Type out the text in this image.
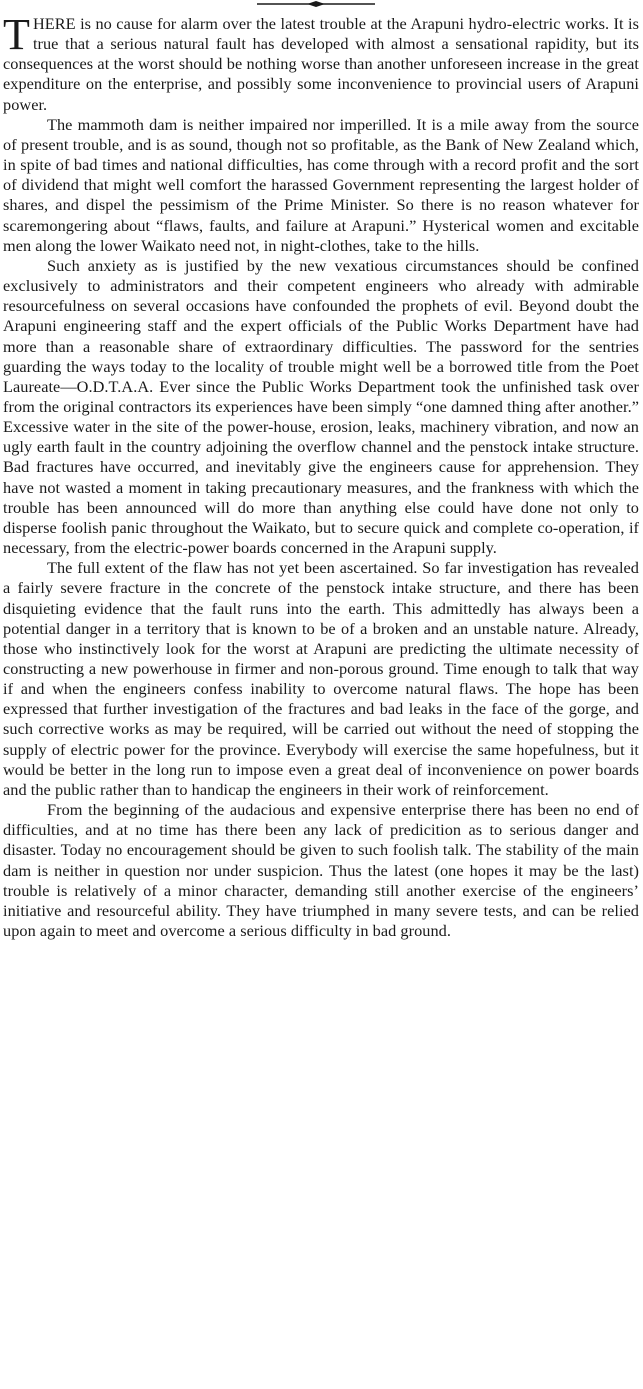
THERE is no cause for alarm over the latest trouble at the Arapuni hydro-electric works. It is true that a serious natural fault has developed with almost a sensational rapidity, but its consequences at the worst should be nothing worse than another unforeseen increase in the great expenditure on the enterprise, and possibly some inconvenience to provincial users of Arapuni power.

The mammoth dam is neither impaired nor imperilled. It is a mile away from the source of present trouble, and is as sound, though not so profitable, as the Bank of New Zealand which, in spite of bad times and national difficulties, has come through with a record profit and the sort of dividend that might well comfort the harassed Government representing the largest holder of shares, and dispel the pessimism of the Prime Minister. So there is no reason whatever for scaremongering about “flaws, faults, and failure at Arapuni.” Hysterical women and excitable men along the lower Waikato need not, in night-clothes, take to the hills.

Such anxiety as is justified by the new vexatious circumstances should be confined exclusively to administrators and their competent engineers who already with admirable resourcefulness on several occasions have confounded the prophets of evil. Beyond doubt the Arapuni engineering staff and the expert officials of the Public Works Department have had more than a reasonable share of extraordinary difficulties. The password for the sentries guarding the ways today to the locality of trouble might well be a borrowed title from the Poet Laureate—O.D.T.A.A. Ever since the Public Works Department took the unfinished task over from the original contractors its experiences have been simply “one damned thing after another.” Excessive water in the site of the power-house, erosion, leaks, machinery vibration, and now an ugly earth fault in the country adjoining the overflow channel and the penstock intake structure. Bad fractures have occurred, and inevitably give the engineers cause for apprehension. They have not wasted a moment in taking precautionary measures, and the frankness with which the trouble has been announced will do more than anything else could have done not only to disperse foolish panic throughout the Waikato, but to secure quick and complete co-operation, if necessary, from the electric-power boards concerned in the Arapuni supply.

The full extent of the flaw has not yet been ascertained. So far investigation has revealed a fairly severe fracture in the concrete of the penstock intake structure, and there has been disquieting evidence that the fault runs into the earth. This admittedly has always been a potential danger in a territory that is known to be of a broken and an unstable nature. Already, those who instinctively look for the worst at Arapuni are predicting the ultimate necessity of constructing a new powerhouse in firmer and non-porous ground. Time enough to talk that way if and when the engineers confess inability to overcome natural flaws. The hope has been expressed that further investigation of the fractures and bad leaks in the face of the gorge, and such corrective works as may be required, will be carried out without the need of stopping the supply of electric power for the province. Everybody will exercise the same hopefulness, but it would be better in the long run to impose even a great deal of inconvenience on power boards and the public rather than to handicap the engineers in their work of reinforcement.

From the beginning of the audacious and expensive enterprise there has been no end of difficulties, and at no time has there been any lack of predicition as to serious danger and disaster. Today no encouragement should be given to such foolish talk. The stability of the main dam is neither in question nor under suspicion. Thus the latest (one hopes it may be the last) trouble is relatively of a minor character, demanding still another exercise of the engineers’ initiative and resourceful ability. They have triumphed in many severe tests, and can be relied upon again to meet and overcome a serious difficulty in bad ground.
